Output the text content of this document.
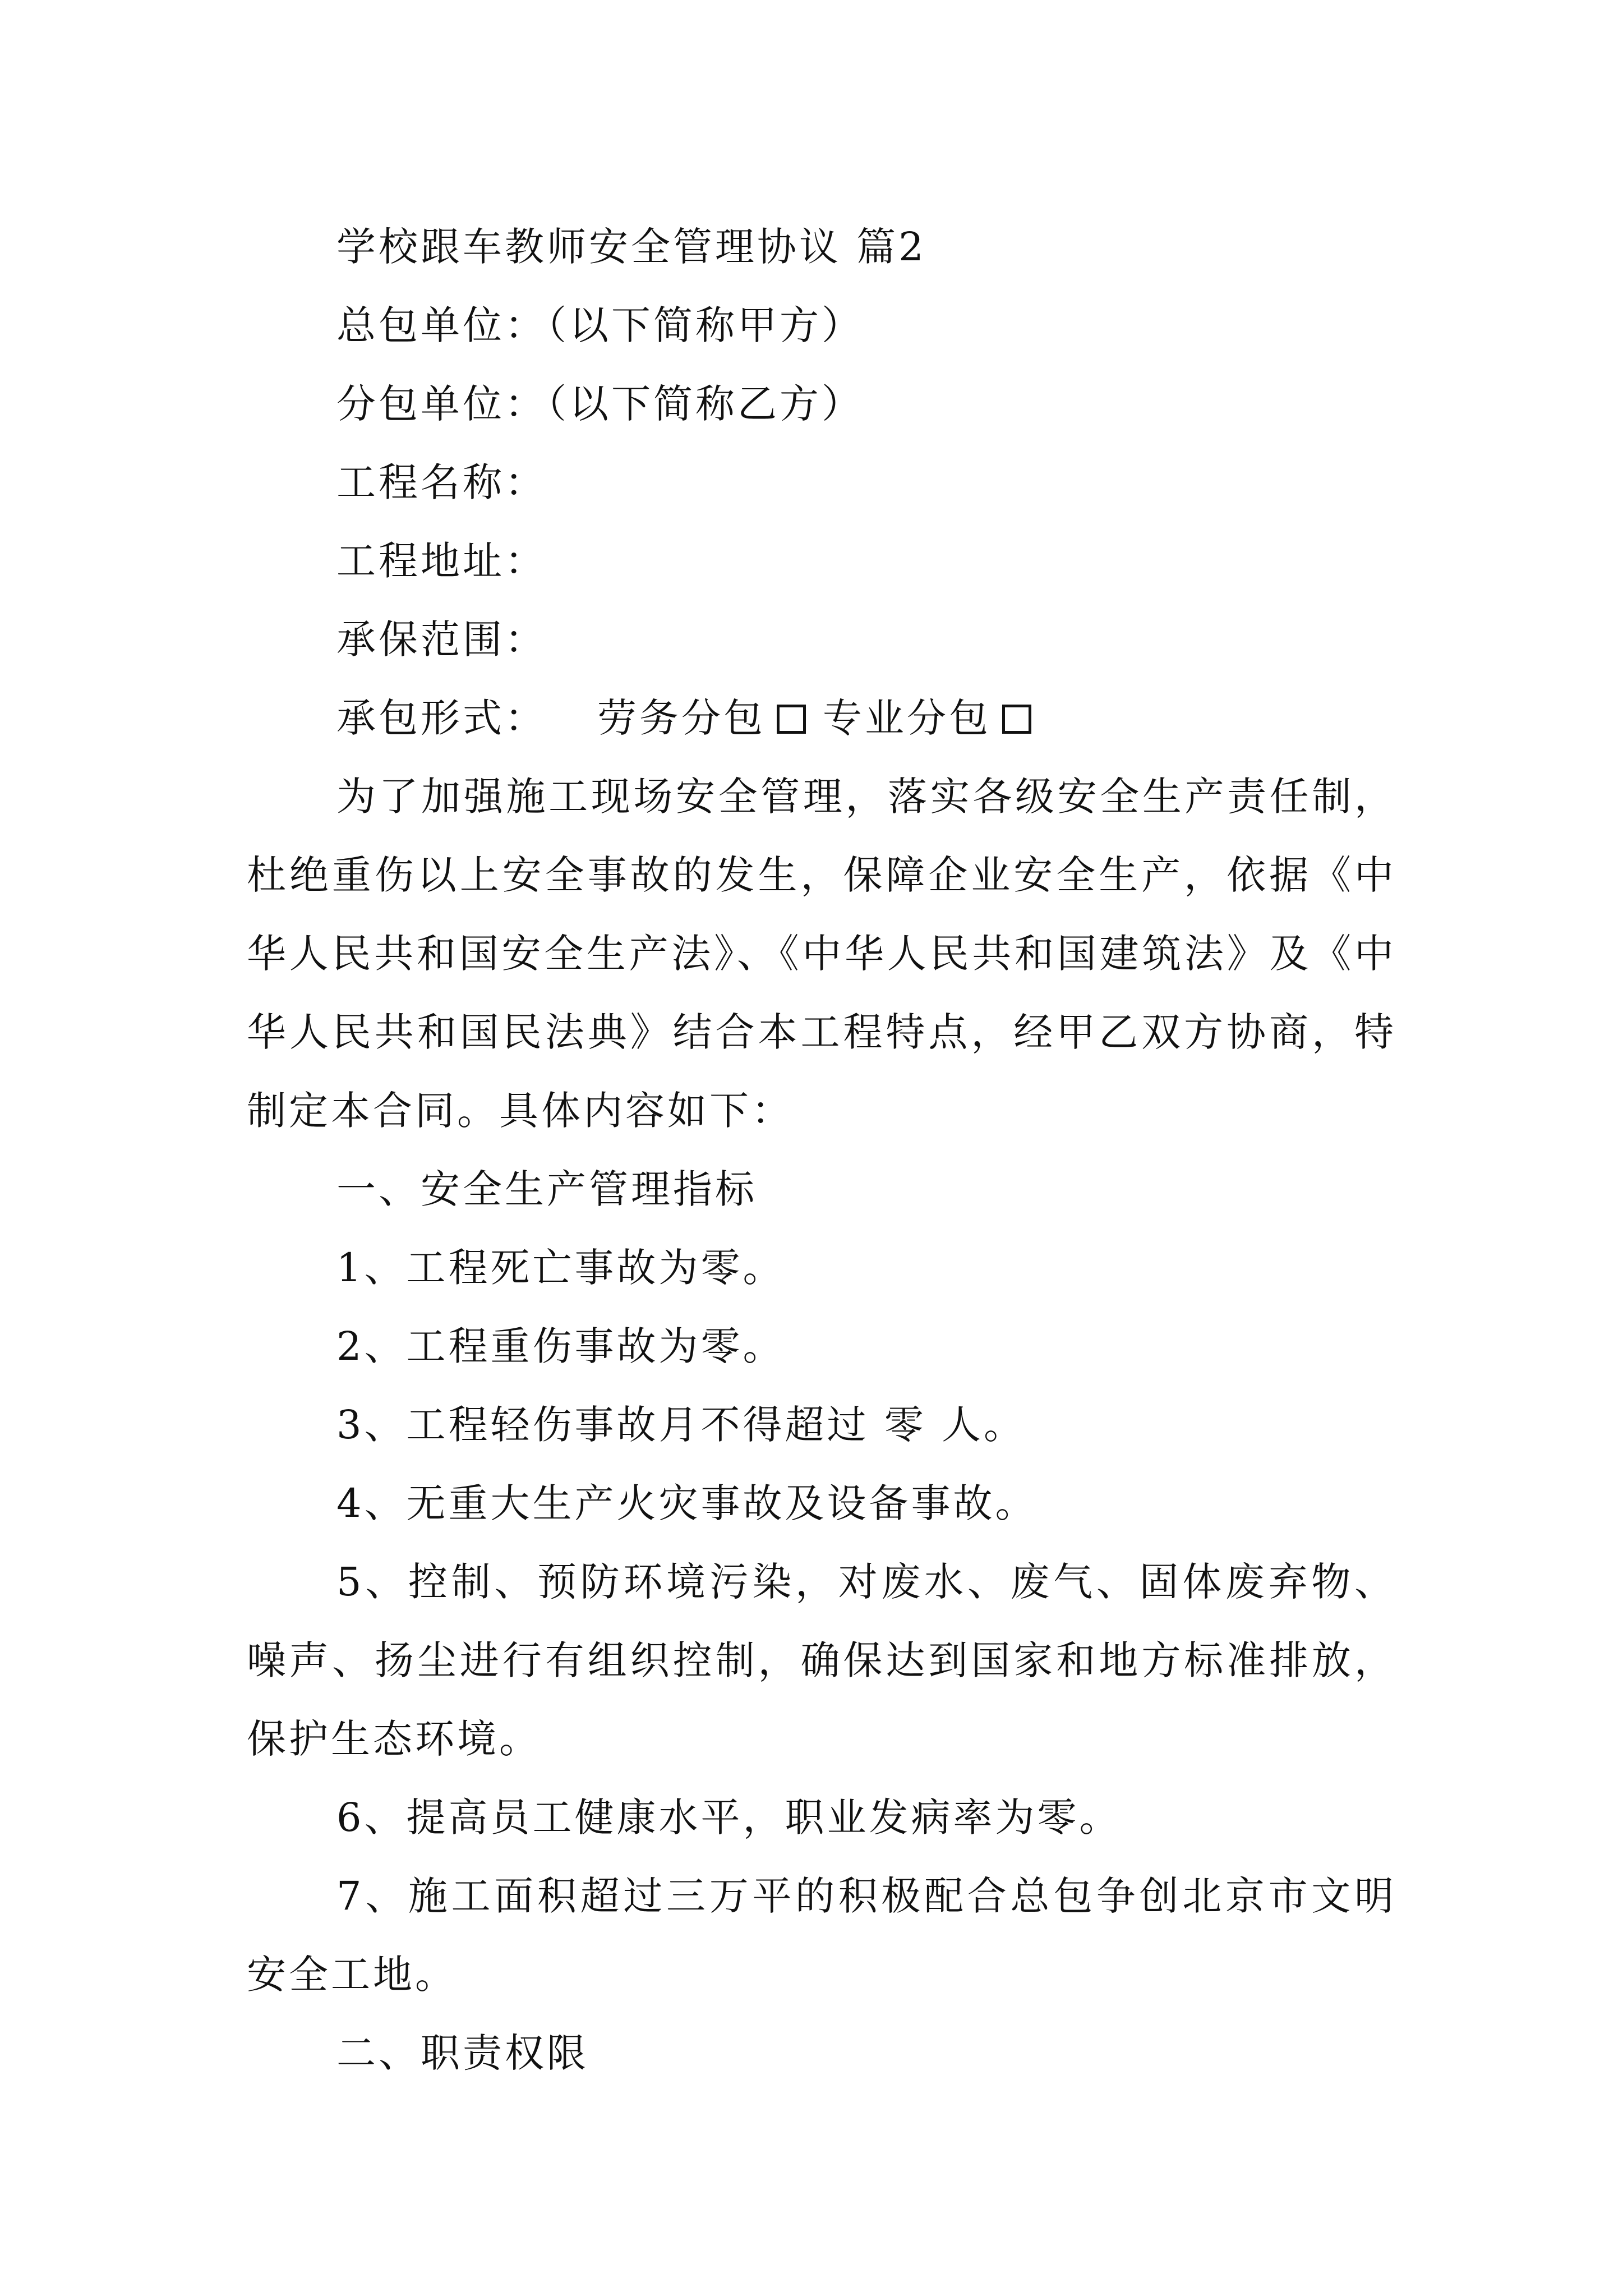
学校跟车教师安全管理协议 篇2
总包单位：（以下简称甲方）
分包单位：（以下简称乙方）
工程名称：
工程地址：
承保范围：
承包形式： 劳务分包 专业分包

为了加强施工现场安全管理，落实各级安全生产责任制，杜绝重伤以上安全事故的发生，保障企业安全生产，依据《中华人民共和国安全生产法》、《中华人民共和国建筑法》及《中华人民共和国民法典》结合本工程特点，经甲乙双方协商，特制定本合同。具体内容如下：

一、安全生产管理指标
1、工程死亡事故为零。
2、工程重伤事故为零。
3、工程轻伤事故月不得超过 零 人。
4、无重大生产火灾事故及设备事故。

5、控制、预防环境污染，对废水、废气、固体废弃物、噪声、扬尘进行有组织控制，确保达到国家和地方标准排放，保护生态环境。

6、提高员工健康水平，职业发病率为零。

7、施工面积超过三万平的积极配合总包争创北京市文明安全工地。

二、职责权限
